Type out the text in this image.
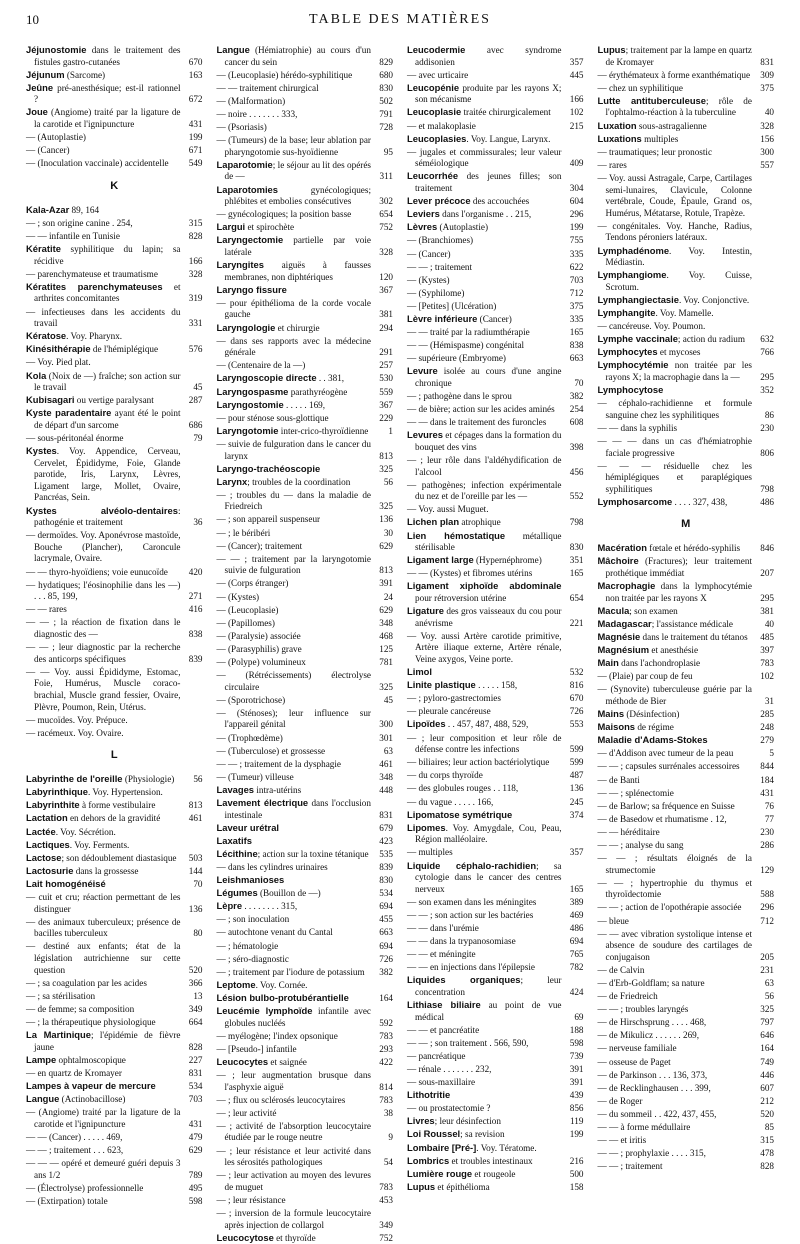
10	TABLE DES MATIÈRES
Jéjunostomie dans le traitement des fistules gastro-cutanées	670
Jéjunum (Sarcome)	163
Jeûne pré-anesthésique; est-il rationnel ?	672
Joue (Angiome) traité par la ligature de la carotide et l'ignipuncture	431
— (Autoplastie)	199
— (Cancer)	671
— (Inoculation vaccinale) accidentelle 549
K
Kala-Azar 89, 164
— ; son origine canine . 254,	315
— — infantile en Tunisie	828
Kératite syphilitique du lapin; sa récidive	166
— parenchymateuse et traumatisme	328
Kératites parenchymateuses et arthrites concomitantes	319
— infectieuses dans les accidents du travail	331
Kératose. Voy. Pharynx.
Kinésithérapie de l'hémiplégique	576
— Voy. Pied plat.
Kola (Noix de —) fraîche; son action sur le travail	45
Kubisagari ou vertige paralysant	287
Kyste paradentaire ayant été le point de départ d'un sarcome	686
— sous-péritonéal énorme	79
Kystes. Voy. Appendice, Cerveau, Cervelet, Épididyme, Foie, Glande parotide, Iris, Larynx, Lèvres, Ligament large, Mollet, Ovaire, Pancréas, Sein.
Kystes alvéolo-dentaires: pathogénie et traitement	36
— dermoïdes. Voy. Aponévrose mastoïde, Bouche (Plancher), Caroncule lacrymale, Ovaire.
— — thyro-hyoïdiens; voie eunucoïde 420
— hydatiques; l'éosinophilie dans les —) . . . 85, 199,	271
— — rares	416
— — ; la réaction de fixation dans le diagnostic des —	838
— — ; leur diagnostic par la recherche des anticorps spécifiques	839
— — Voy. aussi Épididyme, Estomac, Foie, Humérus, Muscle coraco-brachial, Muscle grand fessier, Ovaire, Plèvre, Poumon, Rein, Utérus.
— mucoïdes. Voy. Prépuce.
— racémeux. Voy. Ovaire.
L
Labyrinthe de l'oreille (Physiologie) 56
Labyrinthique. Voy. Hypertension.
Labyrinthite à forme vestibulaire	813
Lactation en dehors de la gravidité	461
Lactée. Voy. Sécrétion.
Lactiques. Voy. Ferments.
Lactose; son dédoublement diastasique 503
Lactosurie dans la grossesse	144
Lait homogénéisé	70
— cuit et cru; réaction permettant de les distinguer	136
— des animaux tuberculeux; présence de bacilles tuberculeux	80
— destiné aux enfants; état de la législation autrichienne sur cette question	520
— ; sa coagulation par les acides	366
— ; sa stérilisation	13
— de femme; sa composition	349
— ; la thérapeutique physiologique	664
La Martinique; l'épidémie de fièvre jaune	828
Lampe ophtalmoscopique	227
— en quartz de Kromayer	831
Lampes à vapeur de mercure	534
Langue (Actinobacillose)	703
— (Angiome) traité par la ligature de la carotide et l'ignipuncture	431
— — (Cancer) . . . . . 469,	479
— — ; traitement . . . 623,	629
— — — opéré et demeuré guéri depuis 3 ans 1/2	789
— (Électrolyse) professionnelle	495
— (Extirpation) totale	598
Langue (Hémiatrophie) au cours d'un cancer du sein	829
— (Leucoplasie) hérédo-syphilitique	680
— — traitement chirurgical	830
— (Malformation)	502
— noire . . . . . . . 333,	791
— (Psoriasis)	728
— (Tumeurs) de la base; leur ablation par pharyngotomie sus-hyoïdienne	95
Laparotomie; le séjour au lit des opérés de —	311
Laparotomies gynécologiques; phlébites et embolies consécutives	302
— gynécologiques; la position basse	654
Largui et spirochète	752
Laryngectomie partielle par voie latérale	328
Laryngites aiguës à fausses membranes, non diphtériques	120
Laryngo fissure	367
— pour épithélioma de la corde vocale gauche	381
Laryngologie et chirurgie	294
— dans ses rapports avec la médecine générale	291
— (Centenaire de la —)	257
Laryngoscopie directe . . 381,	530
Laryngospasme parathyréogène	559
Laryngostomie . . . . . 169,	367
— pour sténose sous-glottique	229
Laryngotomie inter-crico-thyroïdienne 1
— suivie de fulguration dans le cancer du larynx	813
Laryngo-trachéoscopie	325
Larynx; troubles de la coordination	56
— ; troubles du — dans la maladie de Friedreich	325
— ; son appareil suspenseur	136
— ; le béribéri	30
— (Cancer); traitement	629
— — ; traitement par la laryngotomie suivie de fulguration	813
— (Corps étranger)	391
— (Kystes)	24
— (Leucoplasie)	629
— (Papillomes)	348
— (Paralysie) associée	468
— (Parasyphilis) grave	125
— (Polype) volumineux	781
— (Rétrécissements) électrolyse circulaire	325
— (Sporotrichose)	45
— (Sténoses); leur influence sur l'appareil génital	300
— (Trophœdème)	301
— (Tuberculose) et grossesse	63
— — ; traitement de la dysphagie	461
— (Tumeur) villeuse	348
Lavages intra-utérins	448
Lavement électrique dans l'occlusion intestinale	831
Laveur urétral	679
Laxatifs	423
Lécithine; action sur la toxine tétanique 535
— dans les cylindres urinaires	839
Leishmanioses	830
Légumes (Bouillon de —)	534
Lèpre . . . . . . . . 315,	694
— ; son inoculation	455
— autochtone venant du Cantal	663
— ; hématologie	694
— ; séro-diagnostic	726
— ; traitement par l'iodure de potassium 382
Leptome. Voy. Cornée.
Lésion bulbo-protubérantielle	164
Leucémie lymphoïde infantile avec globules nucléés	592
— myélogène; l'index opsonique	783
— [Pseudo-] infantile	293
Leucocytes et saignée	422
— ; leur augmentation brusque dans l'asphyxie aiguë	814
— ; flux ou sclérosés leucocytaires	783
— ; leur activité	38
— ; activité de l'absorption leucocytaire étudiée par le rouge neutre	9
— ; leur résistance et leur activité dans les sérosités pathologiques	54
— ; leur activation au moyen des levures de muguet	783
— ; leur résistance	453
— ; inversion de la formule leucocytaire après injection de collargol	349
Leucocytose et thyroïde	752
Leucodermie avec syndrome addisonien	357
— avec urticaire	445
Leucopénie produite par les rayons X; son mécanisme	166
Leucoplasie traitée chirurgicalement 102
— et malakoplasie	215
Leucoplasies. Voy. Langue, Larynx.
— jugales et commissurales; leur valeur séméiologique	409
Leucorrhée des jeunes filles; son traitement	304
Lever précoce des accouchées	604
Leviers dans l'organisme . . 215,	296
Lèvres (Autoplastie)	199
— (Branchiomes)	755
— (Cancer)	335
— — ; traitement	622
— (Kystes)	703
— (Syphilome)	712
— [Petites] (Ulcération)	375
Lèvre inférieure (Cancer)	335
— — traité par la radiumthérapie	165
— — (Hémispasme) congénital	838
— supérieure (Embryome)	663
Levure isolée au cours d'une angine chronique	70
— ; pathogène dans le sprou	382
— de bière; action sur les acides aminés 254
— — dans le traitement des furoncles	608
Levures et cépages dans la formation du bouquet des vins	398
— ; leur rôle dans l'aldéhydification de l'alcool	456
— pathogènes; infection expérimentale du nez et de l'oreille par les —	552
— Voy. aussi Muguet.
Lichen plan atrophique	798
Lien hémostatique métallique stérilisable	830
Ligament large (Hypernéphrome)	351
— — (Kystes) et fibromes utérins	165
Ligament xiphoïde abdominale pour rétroversion utérine	654
Ligature des gros vaisseaux du cou pour anévrisme	221
— Voy. aussi Artère carotide primitive, Artère iliaque externe, Artère rénale, Veine axygos, Veine porte.
Limol	532
Linite plastique . . . . . 158,	816
— ; pyloro-gastrectomies	670
— pleurale cancéreuse	726
Lipoïdes . . 457, 487, 488, 529,	553
— ; leur composition et leur rôle de défense contre les infections	599
— biliaires; leur action bactériolytique 599
— du corps thyroïde	487
— des globules rouges . . 118,	136
— du vague . . . . . 166,	245
Lipomatose symétrique	374
Lipomes. Voy. Amygdale, Cou, Peau, Région malléolaire.
— multiples	357
Liquide céphalo-rachidien; sa cytologie dans le cancer des centres nerveux	165
— son examen dans les méningites	389
— — ; son action sur les bactéries	469
— — dans l'urémie	486
— — dans la trypanosomiase	694
— — et méningite	765
— — en injections dans l'épilepsie	782
Liquides organiques; leur concentration	424
Lithiase biliaire au point de vue médical	69
— — et pancréatite	188
— — ; son traitement . 566, 590,	598
— pancréatique	739
— rénale . . . . . . . 232,	391
— sous-maxillaire	391
Lithotritie	439
— ou prostatectomie ?	856
Livres; leur désinfection	119
Loi Roussel; sa revision	199
Lombaire [Pré-]. Voy. Tératome.
Lombrics et troubles intestinaux	216
Lumière rouge et rougeole	500
Lupus et épithélioma	158
Lupus; traitement par la lampe en quartz de Kromayer	831
— érythémateux à forme exanthématique 309
— chez un syphilitique	375
Lutte antituberculeuse; rôle de l'ophtalmo-réaction à la tuberculine	40
Luxation sous-astragalienne	328
Luxations multiples	156
— traumatiques; leur pronostic	300
— rares	557
— Voy. aussi Astragale, Carpe, Cartilages semi-lunaires, Clavicule, Colonne vertébrale, Coude, Épaule, Grand os, Humérus, Métatarse, Rotule, Trapèze.
— congénitales. Voy. Hanche, Radius, Tendons péroniers latéraux.
Lymphadénome. Voy. Intestin, Médiastin.
Lymphangiome. Voy. Cuisse, Scrotum.
Lymphangiectasie. Voy. Conjonctive.
Lymphangite. Voy. Mamelle.
— cancéreuse. Voy. Poumon.
Lymphe vaccinale; action du radium 632
Lymphocytes et mycoses	766
Lymphocytémie non traitée par les rayons X; la macrophagie dans la — 295
Lymphocytose	352
— céphalo-rachidienne et formule sanguine chez les syphilitiques	86
— — dans la syphilis	230
— — — dans un cas d'hémiatrophie faciale progressive	806
— — — résiduelle chez les hémiplégiques et paraplégiques syphilitiques	798
Lymphosarcome . . . . 327, 438,	486
M
Macération fœtale et hérédo-syphilis 846
Mâchoire (Fractures); leur traitement prothétique immédiat	207
Macrophagie dans la lymphocytémie non traitée par les rayons X	295
Macula; son examen	381
Madagascar; l'assistance médicale	40
Magnésie dans le traitement du tétanos 485
Magnésium et anesthésie	397
Main dans l'achondroplasie	783
— (Plaie) par coup de feu	102
— (Synovite) tuberculeuse guérie par la méthode de Bier	31
Mains (Désinfection)	285
Maisons de régime	248
Maladie d'Adams-Stokes	279
— d'Addison avec tumeur de la peau	5
— — ; capsules surrénales accessoires 844
— de Banti	184
— — ; splénectomie	431
— de Barlow; sa fréquence en Suisse	76
— de Basedow et rhumatisme . 12,	77
— — héréditaire	230
— — ; analyse du sang	286
— — ; résultats éloignés de la strumectomie	129
— — ; hypertrophie du thymus et thyroïdectomie	588
— — ; action de l'opothérapie associée 296
— bleue	712
— — avec vibration systolique intense et absence de soudure des cartilages de conjugaison	205
— de Calvin	231
— d'Erb-Goldflam; sa nature	63
— de Friedreich	56
— — ; troubles laryngés	325
— de Hirschsprung . . . . 468,	797
— de Mikulicz . . . . . . 269,	646
— nerveuse familiale	164
— osseuse de Paget	749
— de Parkinson . . . 136, 373,	446
— de Recklinghausen . . . 399,	607
— de Roger	212
— du sommeil . . 422, 437, 455,	520
— — à forme médullaire	85
— — et iritis	315
— — ; prophylaxie . . . . 315,	478
— — ; traitement	828
